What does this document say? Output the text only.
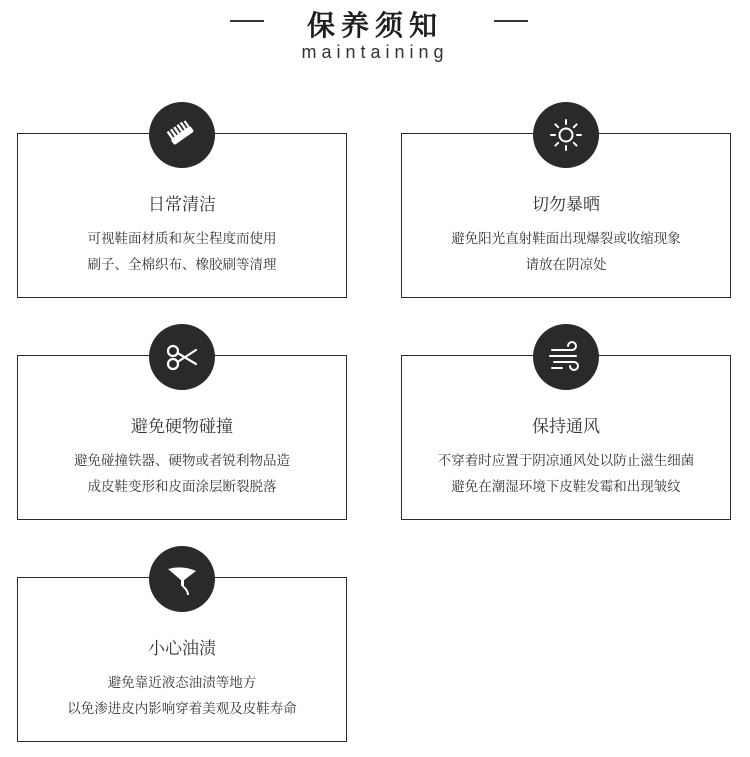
保养须知
maintaining
日常清洁
可视鞋面材质和灰尘程度而使用
刷子、全棉织布、橡胶刷等清理
切勿暴晒
避免阳光直射鞋面出现爆裂或收缩现象
请放在阴凉处
避免硬物碰撞
避免碰撞铁器、硬物或者锐利物品造
成皮鞋变形和皮面涂层断裂脱落
保持通风
不穿着时应置于阴凉通风处以防止滋生细菌
避免在潮湿环境下皮鞋发霉和出现皱纹
小心油渍
避免靠近液态油渍等地方
以免渗进皮内影响穿着美观及皮鞋寿命
